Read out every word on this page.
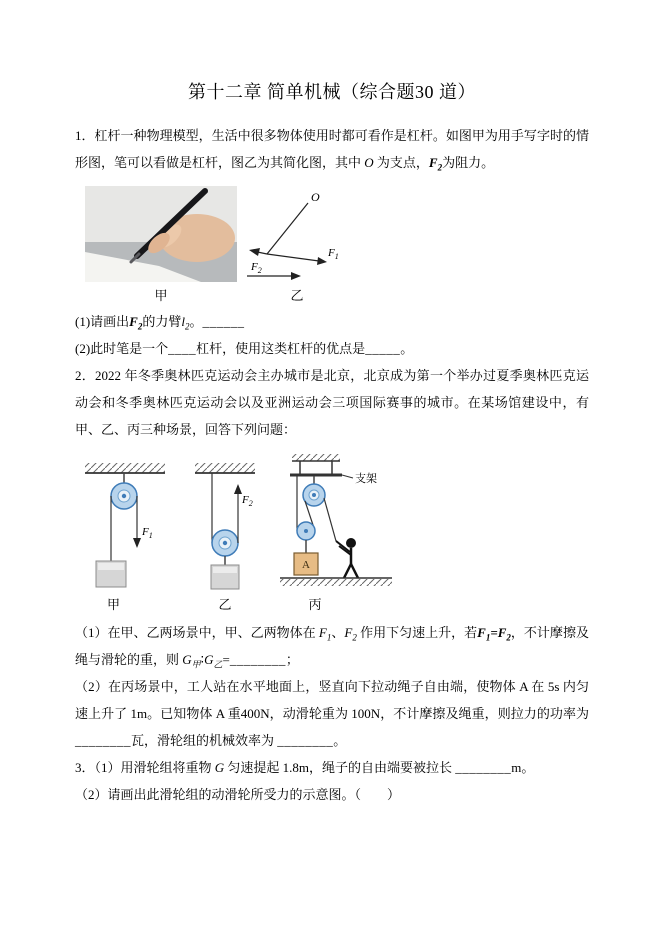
第十二章 简单机械（综合题30 道）

1．杠杆一种物理模型，生活中很多物体使用时都可看作是杠杆。如图甲为用手写字时的情形图，笔可以看做是杠杆，图乙为其简化图，其中 O 为支点，$F_2$为阻力。

甲
O
$F_1$
$F_2$
乙

(1)请画出$F_2$的力臂$l_2$。______

(2)此时笔是一个____杠杆，使用这类杠杆的优点是_____。

2．2022 年冬季奥林匹克运动会主办城市是北京，北京成为第一个举办过夏季奥林匹克运动会和冬季奥林匹克运动会以及亚洲运动会三项国际赛事的城市。在某场馆建设中，有甲、乙、丙三种场景，回答下列问题：

$F_1$
甲
$F_2$
乙
支架
A
丙

（1）在甲、乙两场景中，甲、乙两物体在 $F_1$、$F_2$ 作用下匀速上升，若$F_1=F_2$，不计摩擦及绳与滑轮的重，则 $G_甲∶G_乙=\_\_\_\_\_\_\_\_$；

（2）在丙场景中，工人站在水平地面上，竖直向下拉动绳子自由端，使物体 A 在 5s 内匀速上升了 1m。已知物体 A 重400N，动滑轮重为 100N，不计摩擦及绳重，则拉力的功率为 ________瓦，滑轮组的机械效率为 ________。

3．（1）用滑轮组将重物 G 匀速提起 1.8m，绳子的自由端要被拉长 ________m。

（2）请画出此滑轮组的动滑轮所受力的示意图。（　　）
